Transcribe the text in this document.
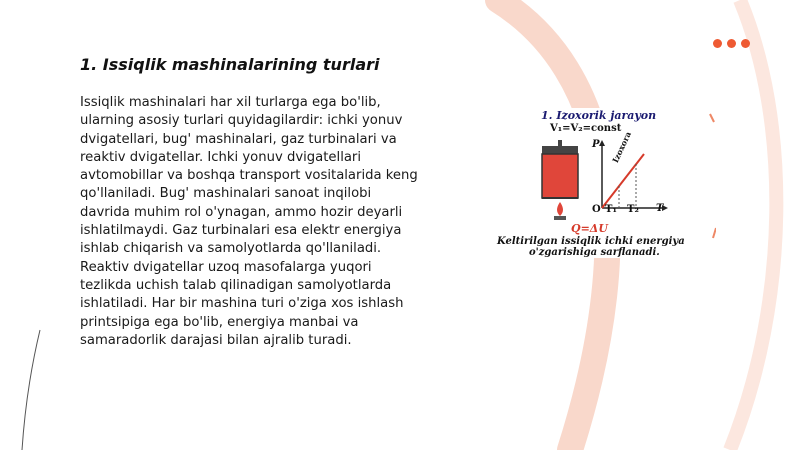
1. Issiqlik mashinalarining turlari

Issiqlik mashinalari har xil turlarga ega bo'lib, ularning asosiy turlari quyidagilardir: ichki yonuv dvigatellari, bug' mashinalari, gaz turbinalari va reaktiv dvigatellar. Ichki yonuv dvigatellari avtomobillar va boshqa transport vositalarida keng qo'llaniladi. Bug' mashinalari sanoat inqilobi davrida muhim rol o'ynagan, ammo hozir deyarli ishlatilmaydi. Gaz turbinalari esa elektr energiya ishlab chiqarish va samolyotlarda qo'llaniladi. Reaktiv dvigatellar uzoq masofalarga yuqori tezlikda uchish talab qilinadigan samolyotlarda ishlatiladi. Har bir mashina turi o'ziga xos ishlash printsipiga ega bo'lib, energiya manbai va samaradorlik darajasi bilan ajralib turadi.

1. Izoxorik jarayon

V₁=V₂=const

P

T

O T₁ T₂

Izoxora

Q=ΔU

Keltirilgan issiqlik ichki energiya

o'zgarishiga sarflanadi.
